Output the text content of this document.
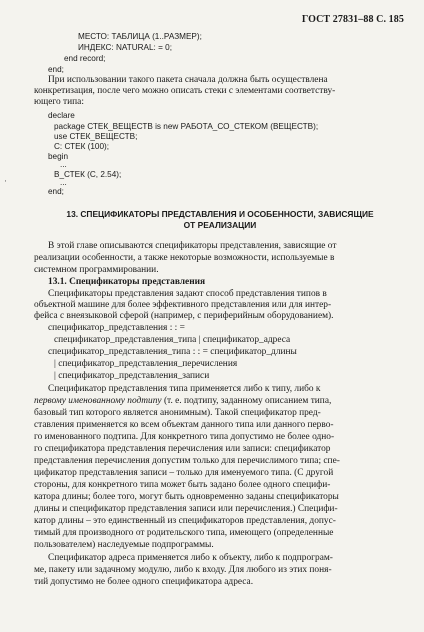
ГОСТ 27831–88 С. 185
МЕСТО: ТАБЛИЦА (1..РАЗМЕР);
ИНДЕКС: NATURAL: = 0;
end record;
end;
При использовании такого пакета сначала должна быть осуществлена
конкретизация, после чего можно описать стеки с элементами соответству-
ющего типа:
declare
package СТЕК_ВЕЩЕСТВ is new РАБОТА_СО_СТЕКОМ (ВЕЩЕСТВ);
use СТЕК_ВЕЩЕСТВ;
С: СТЕК (100);
begin
...
В_СТЕК (С, 2.54);
...
end;
·
13. СПЕЦИФИКАТОРЫ ПРЕДСТАВЛЕНИЯ И ОСОБЕННОСТИ, ЗАВИСЯЩИЕ
ОТ РЕАЛИЗАЦИИ
В этой главе описываются спецификаторы представления, зависящие от
реализации особенности, а также некоторые возможности, используемые в
системном программировании.
13.1. Спецификаторы представления
Спецификаторы представления задают способ представления типов в
объектной машине для более эффективного представления или для интер-
фейса с внеязыковой сферой (например, с периферийным оборудованием).
спецификатор_представления : : =
спецификатор_представления_типа | спецификатор_адреса
спецификатор_представления_типа : : = спецификатор_длины
| спецификатор_представления_перечисления
| спецификатор_представления_записи
Спецификатор представления типа применяется либо к типу, либо к
первому именованному подтипу (т. е. подтипу, заданному описанием типа,
базовый тип которого является анонимным). Такой спецификатор пред-
ставления применяется ко всем объектам данного типа или данного перво-
го именованного подтипа. Для конкретного типа допустимо не более одно-
го спецификатора представления перечисления или записи: спецификатор
представления перечисления допустим только для перечислимого типа; спе-
цификатор представления записи – только для именуемого типа. (С другой
стороны, для конкретного типа может быть задано более одного специфи-
катора длины; более того, могут быть одновременно заданы спецификаторы
длины и спецификатор представления записи или перечисления.) Специфи-
катор длины – это единственный из спецификаторов представления, допус-
тимый для производного от родительского типа, имеющего (определенные
пользователем) наследуемые подпрограммы.
Спецификатор адреса применяется либо к объекту, либо к подпрограм-
ме, пакету или задачному модулю, либо к входу. Для любого из этих поня-
тий допустимо не более одного спецификатора адреса.
